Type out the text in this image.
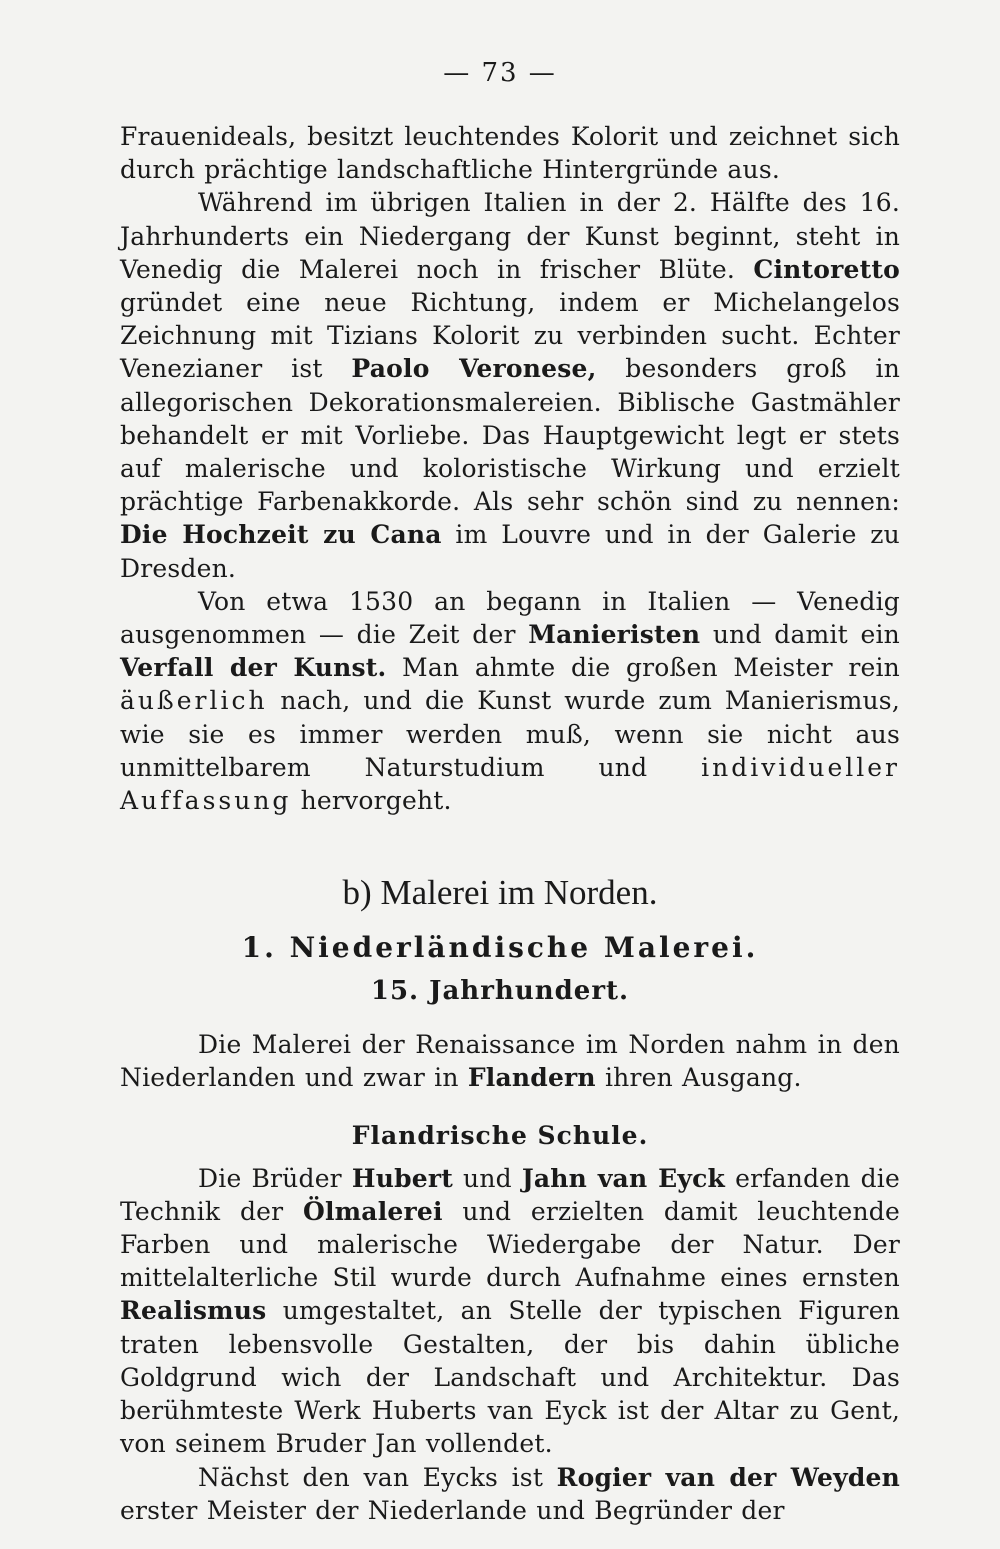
— 73 —

Frauenideals, besitzt leuchtendes Kolorit und zeichnet sich durch prächtige landschaftliche Hintergründe aus.

Während im übrigen Italien in der 2. Hälfte des 16. Jahrhunderts ein Niedergang der Kunst beginnt, steht in Venedig die Malerei noch in frischer Blüte. Cintoretto gründet eine neue Richtung, indem er Michelangelos Zeichnung mit Tizians Kolorit zu verbinden sucht. Echter Venezianer ist Paolo Veronese, besonders groß in allegorischen Dekorationsmalereien. Biblische Gastmähler behandelt er mit Vorliebe. Das Hauptgewicht legt er stets auf malerische und koloristische Wirkung und erzielt prächtige Farbenakkorde. Als sehr schön sind zu nennen: Die Hochzeit zu Cana im Louvre und in der Galerie zu Dresden.

Von etwa 1530 an begann in Italien — Venedig ausgenommen — die Zeit der Manieristen und damit ein Verfall der Kunst. Man ahmte die großen Meister rein äußerlich nach, und die Kunst wurde zum Manierismus, wie sie es immer werden muß, wenn sie nicht aus unmittelbarem Naturstudium und individueller Auffassung hervorgeht.

b) Malerei im Norden.
1. Niederländische Malerei.
15. Jahrhundert.

Die Malerei der Renaissance im Norden nahm in den Niederlanden und zwar in Flandern ihren Ausgang.

Flandrische Schule.

Die Brüder Hubert und Jahn van Eyck erfanden die Technik der Ölmalerei und erzielten damit leuchtende Farben und malerische Wiedergabe der Natur. Der mittelalterliche Stil wurde durch Aufnahme eines ernsten Realismus umgestaltet, an Stelle der typischen Figuren traten lebensvolle Gestalten, der bis dahin übliche Goldgrund wich der Landschaft und Architektur. Das berühmteste Werk Huberts van Eyck ist der Altar zu Gent, von seinem Bruder Jan vollendet.

Nächst den van Eycks ist Rogier van der Weyden erster Meister der Niederlande und Begründer der
